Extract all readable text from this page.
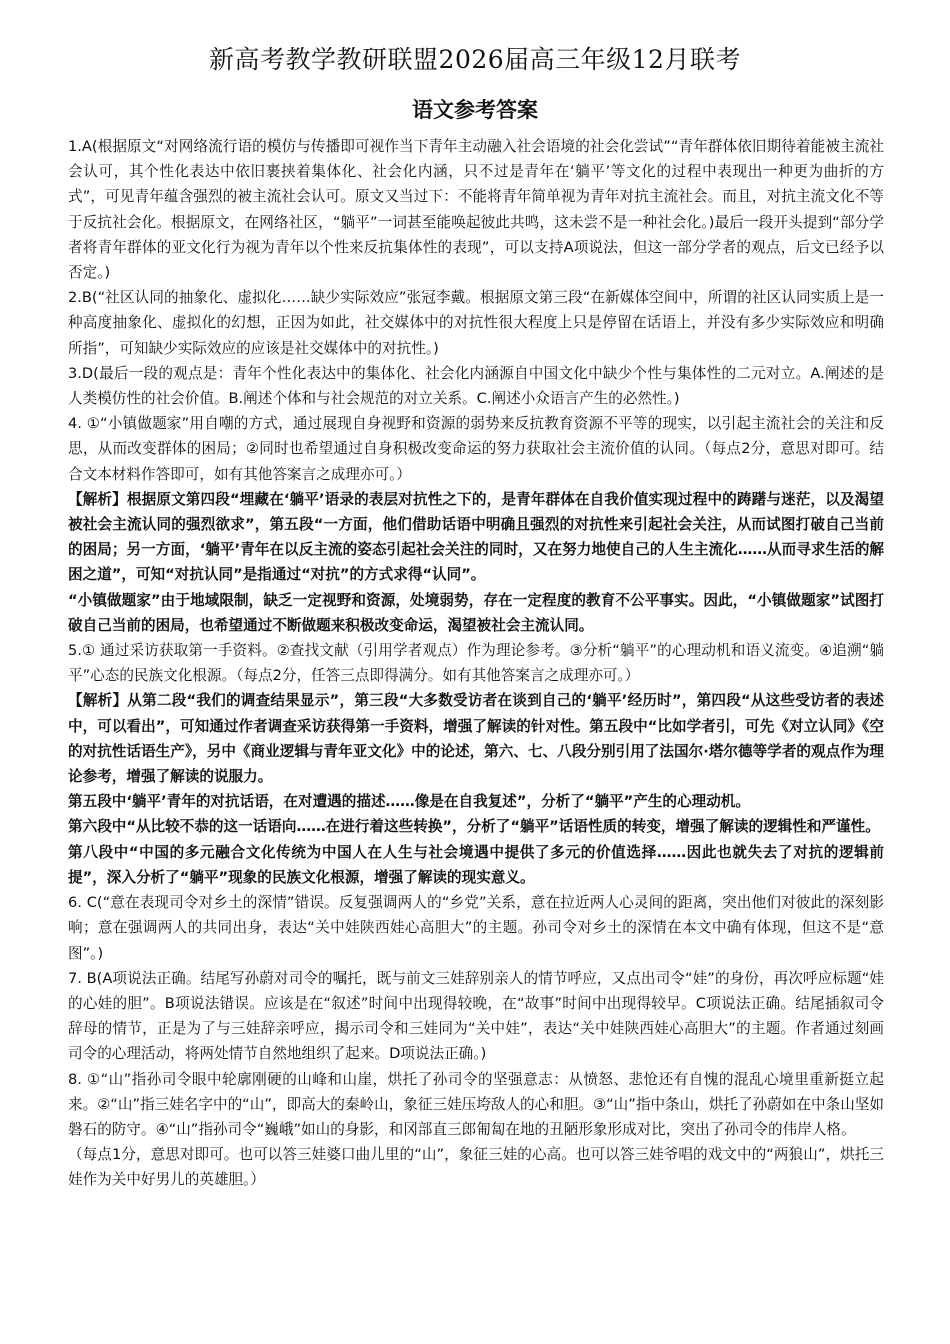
新高考教学教研联盟2026届高三年级12月联考
语文参考答案

1.A(根据原文“对网络流行语的模仿与传播即可视作当下青年主动融入社会语境的社会化尝试”“青年群体依旧期待着能被主流社会认可，其个性化表达中依旧裹挟着集体化、社会化内涵，只不过是青年在‘躺平’等文化的过程中表现出一种更为曲折的方式”，可见青年蕴含强烈的被主流社会认可。原文又当过下：不能将青年简单视为青年对抗主流社会。而且，对抗主流文化不等于反抗社会化。根据原文，在网络社区，“躺平”一词甚至能唤起彼此共鸣，这未尝不是一种社会化。)最后一段开头提到“部分学者将青年群体的亚文化行为视为青年以个性来反抗集体性的表现”，可以支持A项说法，但这一部分学者的观点，后文已经予以否定。)

2.B(“社区认同的抽象化、虚拟化……缺少实际效应”张冠李戴。根据原文第三段“在新媒体空间中，所谓的社区认同实质上是一种高度抽象化、虚拟化的幻想，正因为如此，社交媒体中的对抗性很大程度上只是停留在话语上，并没有多少实际效应和明确所指”，可知缺少实际效应的应该是社交媒体中的对抗性。)

3.D(最后一段的观点是：青年个性化表达中的集体化、社会化内涵源自中国文化中缺少个性与集体性的二元对立。A.阐述的是人类模仿性的社会价值。B.阐述个体和与社会规范的对立关系。C.阐述小众语言产生的必然性。)

4. ①“小镇做题家”用自嘲的方式，通过展现自身视野和资源的弱势来反抗教育资源不平等的现实，以引起主流社会的关注和反思，从而改变群体的困局；②同时也希望通过自身积极改变命运的努力获取社会主流价值的认同。（每点2分，意思对即可。结合文本材料作答即可，如有其他答案言之成理亦可。）

【解析】根据原文第四段“埋藏在‘躺平’语录的表层对抗性之下的，是青年群体在自我价值实现过程中的踌躇与迷茫，以及渴望被社会主流认同的强烈欲求”，第五段“一方面，他们借助话语中明确且强烈的对抗性来引起社会关注，从而试图打破自己当前的困局；另一方面，‘躺平’青年在以反主流的姿态引起社会关注的同时，又在努力地使自己的人生主流化……从而寻求生活的解困之道”，可知“对抗认同”是指通过“对抗”的方式求得“认同”。

“小镇做题家”由于地域限制，缺乏一定视野和资源，处境弱势，存在一定程度的教育不公平事实。因此，“小镇做题家”试图打破自己当前的困局，也希望通过不断做题来积极改变命运，渴望被社会主流认同。

5.① 通过采访获取第一手资料。②查找文献（引用学者观点）作为理论参考。③分析“躺平”的心理动机和语义流变。④追溯“躺平”心态的民族文化根源。（每点2分，任答三点即得满分。如有其他答案言之成理亦可。）

【解析】从第二段“我们的调查结果显示”，第三段“大多数受访者在谈到自己的‘躺平’经历时”，第四段“从这些受访者的表述中，可以看出”，可知通过作者调查采访获得第一手资料，增强了解读的针对性。第五段中“比如学者引，可先《对立认同》《空的对抗性话语生产》，另中《商业逻辑与青年亚文化》中的论述，第六、七、八段分别引用了法国尔·塔尔德等学者的观点作为理论参考，增强了解读的说服力。

第五段中‘躺平’青年的对抗话语，在对遭遇的描述……像是在自我复述”，分析了“躺平”产生的心理动机。

第六段中“从比较不恭的这一话语向……在进行着这些转换”，分析了“躺平”话语性质的转变，增强了解读的逻辑性和严谨性。

第八段中“中国的多元融合文化传统为中国人在人生与社会境遇中提供了多元的价值选择……因此也就失去了对抗的逻辑前提”，深入分析了“躺平”现象的民族文化根源，增强了解读的现实意义。

6. C(“意在表现司令对乡土的深情”错误。反复强调两人的“乡党”关系，意在拉近两人心灵间的距离，突出他们对彼此的深刻影响；意在强调两人的共同出身，表达“关中娃陕西娃心高胆大”的主题。孙司令对乡土的深情在本文中确有体现，但这不是“意图”。)

7. B(A项说法正确。结尾写孙蔚对司令的嘱托，既与前文三娃辞别亲人的情节呼应，又点出司令“娃”的身份，再次呼应标题“娃的心娃的胆”。B项说法错误。应该是在“叙述”时间中出现得较晚，在“故事”时间中出现得较早。C项说法正确。结尾插叙司令辞母的情节，正是为了与三娃辞亲呼应，揭示司令和三娃同为“关中娃”，表达“关中娃陕西娃心高胆大”的主题。作者通过刻画司令的心理活动，将两处情节自然地组织了起来。D项说法正确。)

8. ①“山”指孙司令眼中轮廓刚硬的山峰和山崖，烘托了孙司令的坚强意志：从愤怒、悲怆还有自愧的混乱心境里重新挺立起来。②“山”指三娃名字中的“山”，即高大的秦岭山，象征三娃压垮敌人的心和胆。③“山”指中条山，烘托了孙蔚如在中条山坚如磐石的防守。④“山”指孙司令“巍峨”如山的身影，和冈部直三郎匍匐在地的丑陋形象形成对比，突出了孙司令的伟岸人格。

（每点1分，意思对即可。也可以答三娃婆口曲儿里的“山”，象征三娃的心高。也可以答三娃爷唱的戏文中的“两狼山”，烘托三娃作为关中好男儿的英雄胆。）
